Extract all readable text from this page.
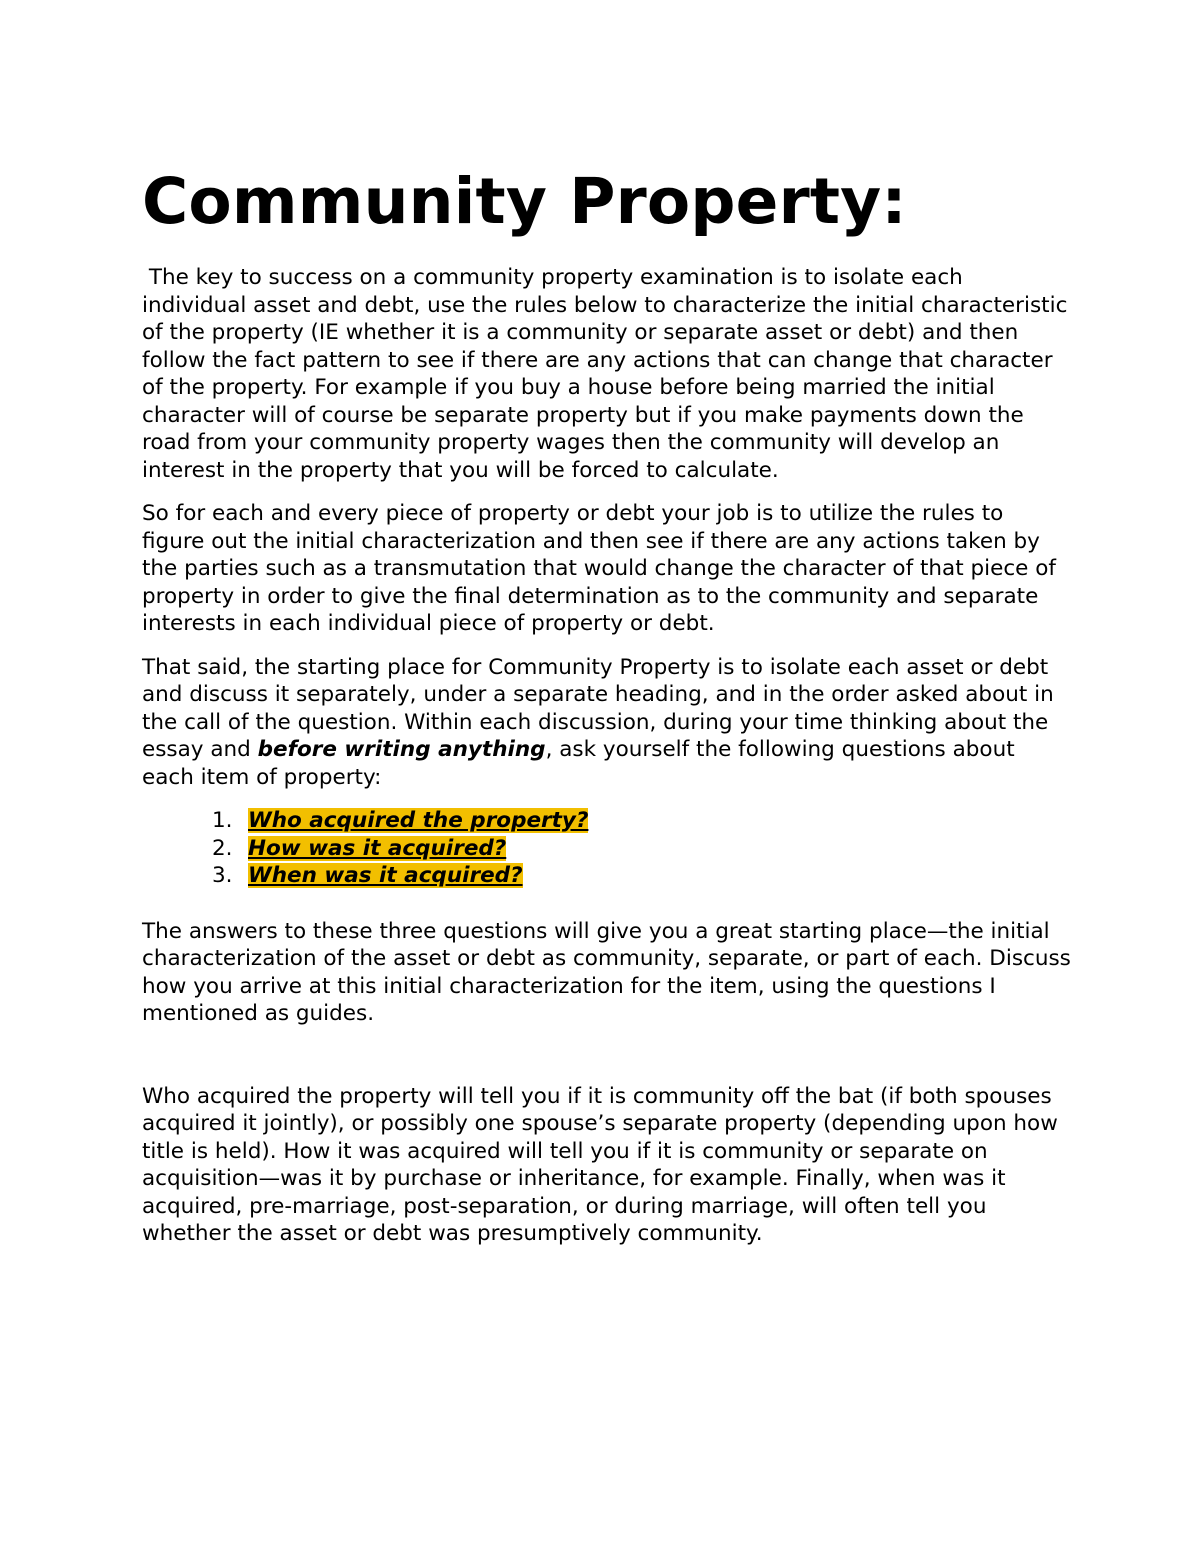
Community Property:

The key to success on a community property examination is to isolate each individual asset and debt, use the rules below to characterize the initial characteristic of the property (IE whether it is a community or separate asset or debt) and then follow the fact pattern to see if there are any actions that can change that character of the property. For example if you buy a house before being married the initial character will of course be separate property but if you make payments down the road from your community property wages then the community will develop an interest in the property that you will be forced to calculate.

So for each and every piece of property or debt your job is to utilize the rules to figure out the initial characterization and then see if there are any actions taken by the parties such as a transmutation that would change the character of that piece of property in order to give the final determination as to the community and separate interests in each individual piece of property or debt.

That said, the starting place for Community Property is to isolate each asset or debt and discuss it separately, under a separate heading, and in the order asked about in the call of the question. Within each discussion, during your time thinking about the essay and before writing anything, ask yourself the following questions about each item of property:

1. Who acquired the property?
2. How was it acquired?
3. When was it acquired?

The answers to these three questions will give you a great starting place—the initial characterization of the asset or debt as community, separate, or part of each. Discuss how you arrive at this initial characterization for the item, using the questions I mentioned as guides.

Who acquired the property will tell you if it is community off the bat (if both spouses acquired it jointly), or possibly one spouse’s separate property (depending upon how title is held). How it was acquired will tell you if it is community or separate on acquisition—was it by purchase or inheritance, for example. Finally, when was it acquired, pre-marriage, post-separation, or during marriage, will often tell you whether the asset or debt was presumptively community.
